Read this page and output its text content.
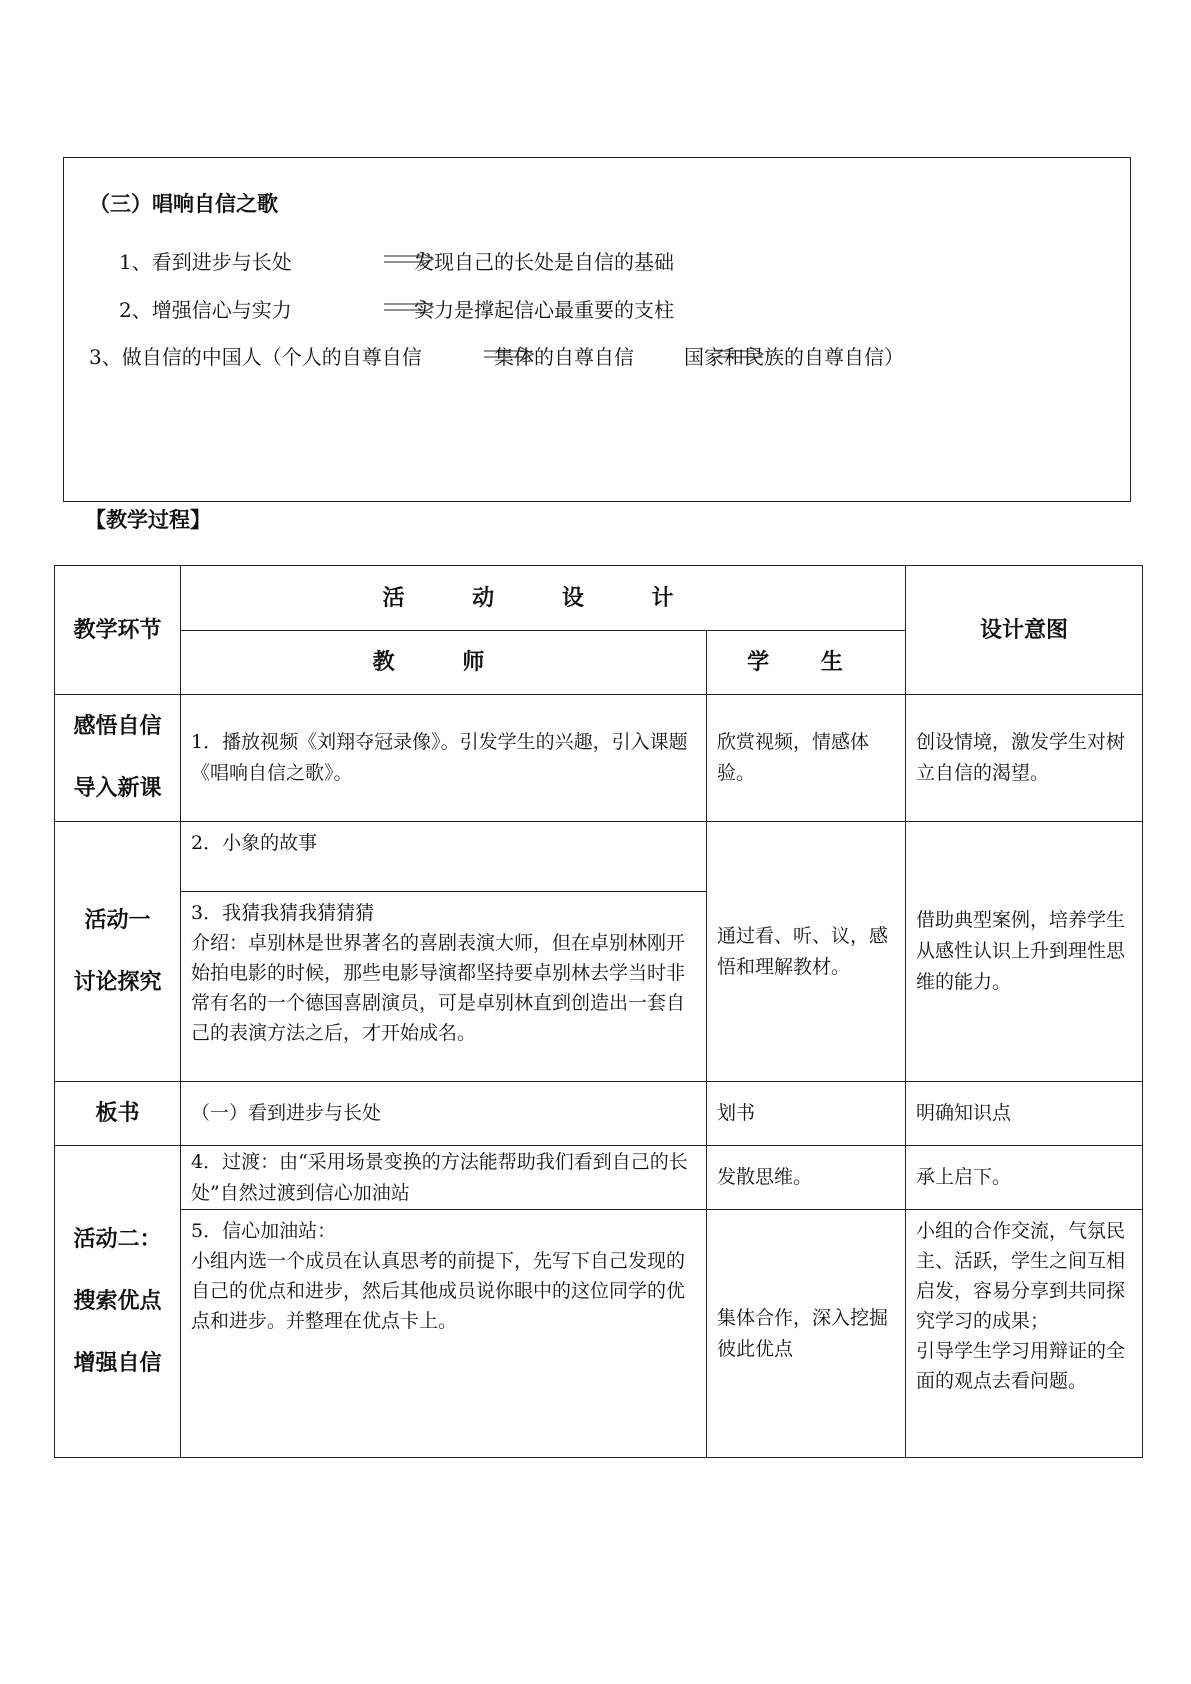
（三）唱响自信之歌
1、看到进步与长处	发现自己的长处是自信的基础
2、增强信心与实力	实力是撑起信心最重要的支柱
3、做自信的中国人（个人的自尊自信	集体的自尊自信	国家和民族的自尊自信）
【教学过程】
教学环节	活 动 设 计		设计意图
	教 师	学 生	

感悟自信
导入新课	1．播放视频《刘翔夺冠录像》。引发学生的兴趣，引入课题《唱响自信之歌》。	欣赏视频，情感体验。	创设情境，激发学生对树立自信的渴望。

活动一
讨论探究	2．小象的故事	通过看、听、议，感悟和理解教材。	借助典型案例，培养学生从感性认识上升到理性思维的能力。
	3．我猜我猜我猜猜猜
介绍：卓别林是世界著名的喜剧表演大师，但在卓别林刚开始拍电影的时候，那些电影导演都坚持要卓别林去学当时非常有名的一个德国喜剧演员，可是卓别林直到创造出一套自己的表演方法之后，才开始成名。		

板书	（一）看到进步与长处	划书	明确知识点

活动二：
搜索优点
增强自信	4．过渡：由“采用场景变换的方法能帮助我们看到自己的长处”自然过渡到信心加油站	发散思维。	承上启下。
	5．信心加油站：
小组内选一个成员在认真思考的前提下，先写下自己发现的
自己的优点和进步，然后其他成员说你眼中的这位同学的优点和进步。并整理在优点卡上。	集体合作，深入挖掘彼此优点	小组的合作交流，气氛民主、活跃，学生之间互相启发，容易分享到共同探究学习的成果；
引导学生学习用辩证的全面的观点去看问题。
